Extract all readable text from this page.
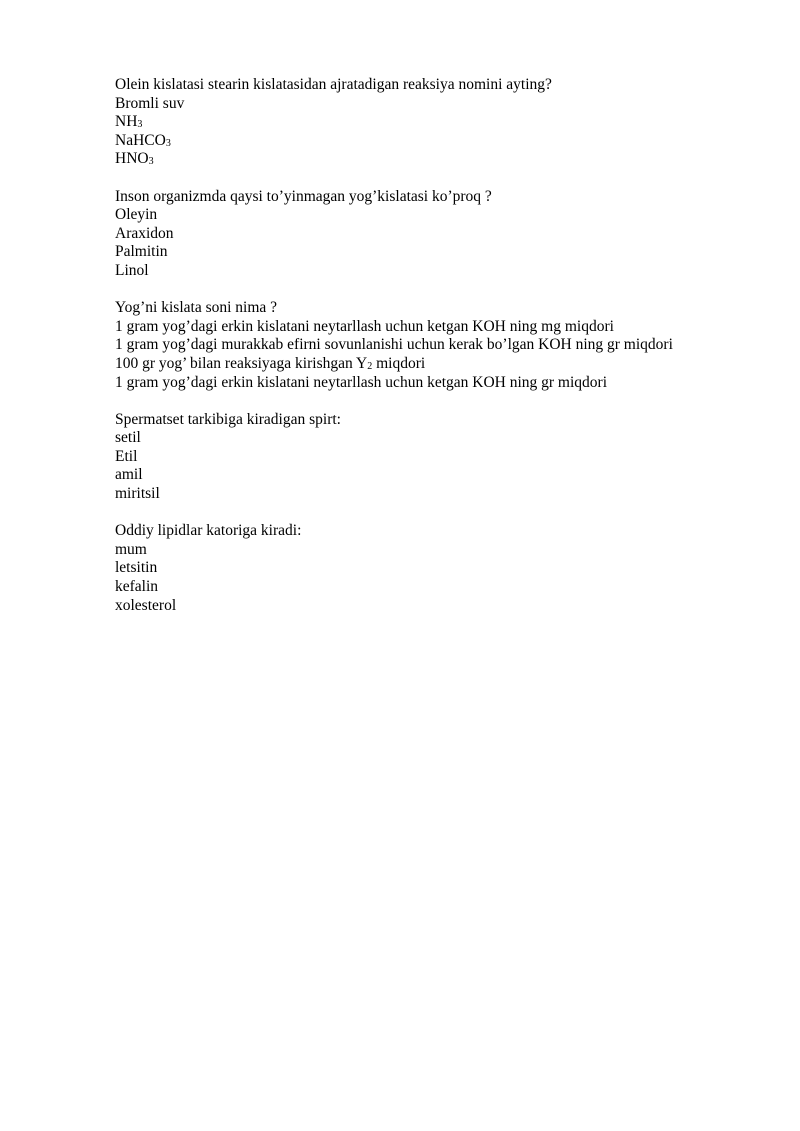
Olein kislatasi stearin kislatasidan ajratadigan reaksiya nomini ayting?
Bromli suv
NH3
NaHCO3
HNO3
Inson organizmda qaysi to’yinmagan yog’kislatasi ko’proq ?
Oleyin
Araxidon
Palmitin
Linol
Yog’ni kislata soni nima ?
1 gram yog’dagi erkin kislatani neytarllash uchun ketgan KOH ning mg miqdori
1 gram yog’dagi murakkab efirni sovunlanishi uchun kerak bo’lgan KOH ning gr miqdori
100 gr yog’ bilan reaksiyaga kirishgan Y2 miqdori
1 gram yog’dagi erkin kislatani neytarllash uchun ketgan KOH ning gr miqdori
Spermatset tarkibiga kiradigan spirt:
setil
Etil
amil
miritsil
Oddiy lipidlar katoriga kiradi:
mum
letsitin
kefalin
xolesterol
